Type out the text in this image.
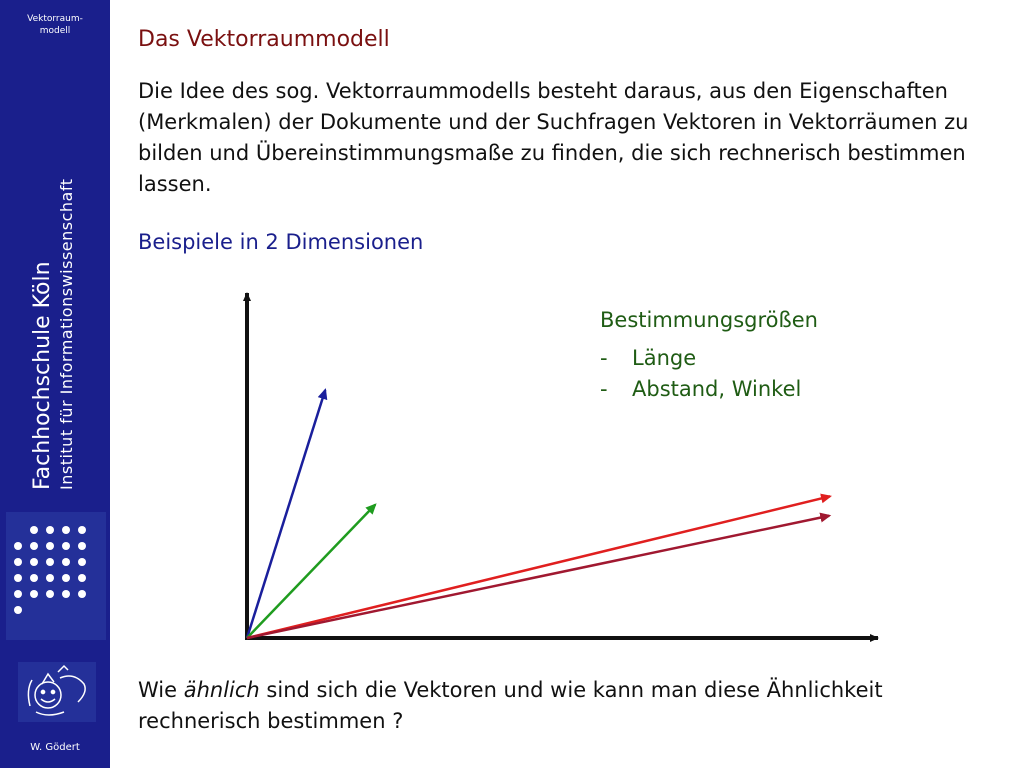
Vektorraum-
modell
Fachhochschule Köln Institut für Informationswissenschaft
W. Gödert
Das Vektorraummodell

Die Idee des sog. Vektorraummodells besteht daraus, aus den Eigenschaften (Merkmalen) der Dokumente und der Suchfragen Vektoren in Vektorräumen zu bilden und Übereinstimmungsmaße zu finden, die sich rechnerisch bestimmen lassen.

Beispiele in 2 Dimensionen

Bestimmungsgrößen

- Länge
- Abstand, Winkel

Wie ähnlich sind sich die Vektoren und wie kann man diese Ähnlichkeit rechnerisch bestimmen ?
